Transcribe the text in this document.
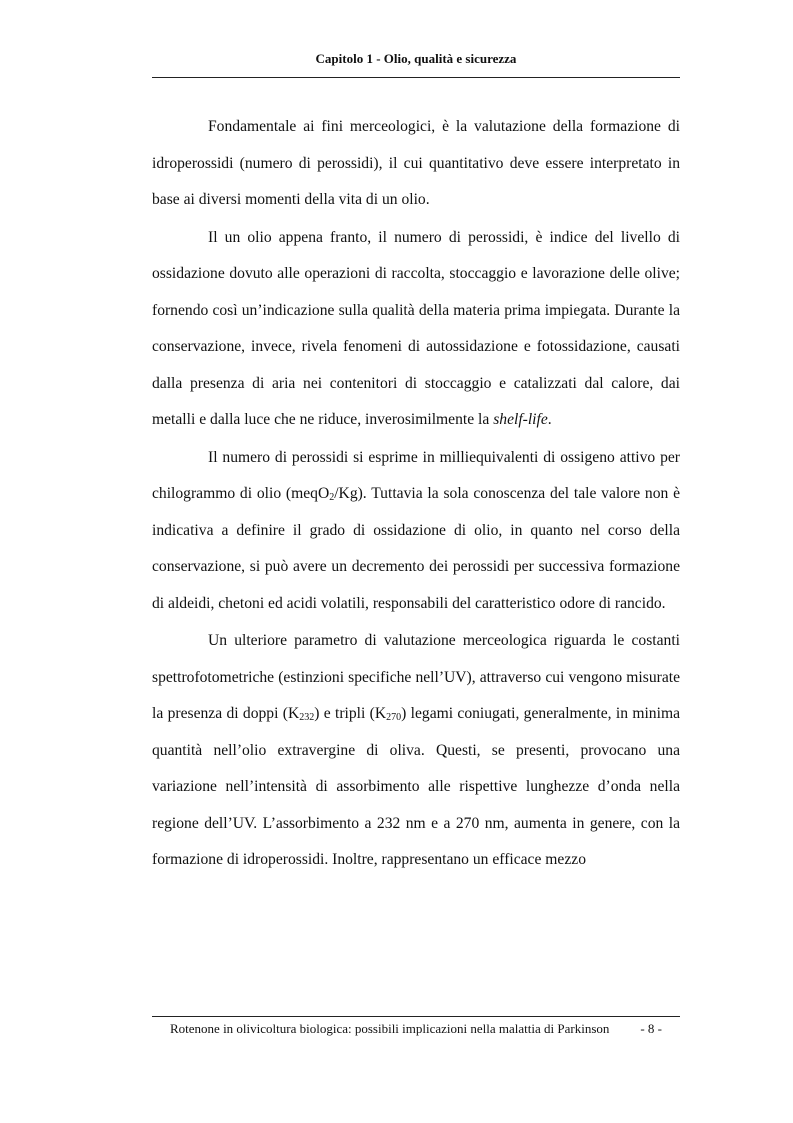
Capitolo 1 - Olio, qualità e sicurezza

Fondamentale ai fini merceologici, è la valutazione della formazione di idroperossidi (numero di perossidi), il cui quantitativo deve essere interpretato in base ai diversi momenti della vita di un olio.

Il un olio appena franto, il numero di perossidi, è indice del livello di ossidazione dovuto alle operazioni di raccolta, stoccaggio e lavorazione delle olive; fornendo così un’indicazione sulla qualità della materia prima impiegata. Durante la conservazione, invece, rivela fenomeni di autossidazione e fotossidazione, causati dalla presenza di aria nei contenitori di stoccaggio e catalizzati dal calore, dai metalli e dalla luce che ne riduce, inverosimilmente la shelf-life.

Il numero di perossidi si esprime in milliequivalenti di ossigeno attivo per chilogrammo di olio (meqO$_2$/Kg). Tuttavia la sola conoscenza del tale valore non è indicativa a definire il grado di ossidazione di olio, in quanto nel corso della conservazione, si può avere un decremento dei perossidi per successiva formazione di aldeidi, chetoni ed acidi volatili, responsabili del caratteristico odore di rancido.

Un ulteriore parametro di valutazione merceologica riguarda le costanti spettrofotometriche (estinzioni specifiche nell’UV), attraverso cui vengono misurate la presenza di doppi $(K_{232})$ e tripli $(K_{270})$ legami coniugati, generalmente, in minima quantità nell’olio extravergine di oliva. Questi, se presenti, provocano una variazione nell’intensità di assorbimento alle rispettive lunghezze d’onda nella regione dell’UV. L’assorbimento a 232 nm e a 270 nm, aumenta in genere, con la formazione di idroperossidi. Inoltre, rappresentano un efficace mezzo

Rotenone in olivicoltura biologica: possibili implicazioni nella malattia di Parkinson - 8 -
